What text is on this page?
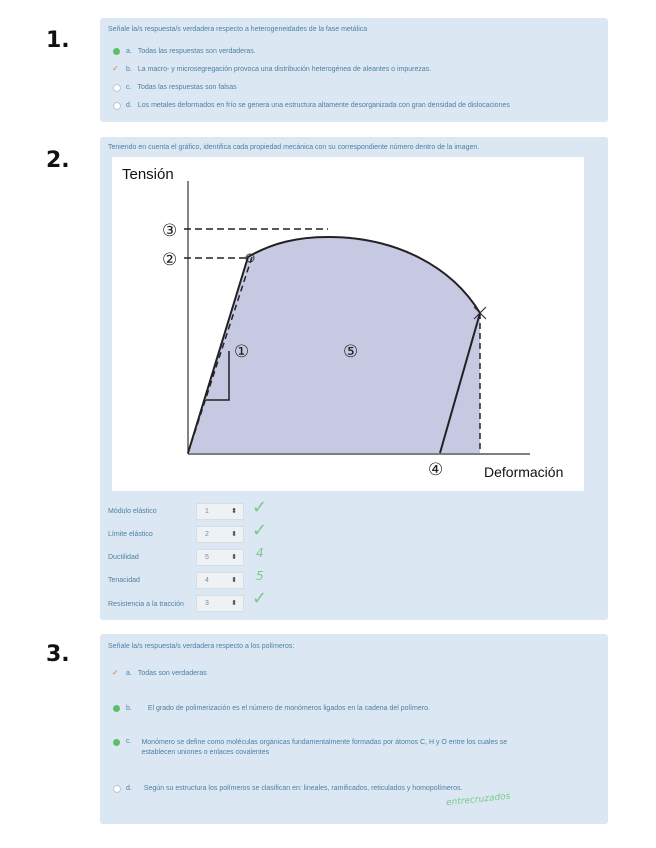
1.	Señale la/s respuesta/s verdadera respecto a heterogeneidades de la fase metálica
a. Todas las respuestas son verdaderas.
✓	b. La macro- y microsegregación provoca una distribución heterogénea de aleantes o impurezas.
c. Todas las respuestas son falsas
d. Los metales deformados en frío se genera una estructura altamente desorganizada con gran densidad de dislocaciones
2.
Teniendo en cuenta el gráfico, identifica cada propiedad mecánica con su correspondiente número dentro de la imagen.
Tensión
Deformación
③
②
①	⑤
④
Módulo elástico	1	⬍ ✓
Límite elástico	2	⬍ ✓
Ductilidad	5	⬍ 4
Tenacidad	4	⬍ 5
Resistencia a la tracción	3	⬍ ✓
3.	Señale la/s respuesta/s verdadera respecto a los polímeros:
✓	a. Todas son verdaderas
b. El grado de polimerización es el número de monómeros ligados en la cadena del polímero.
c. Monómero se define como moléculas orgánicas fundamentalmente formadas por átomos C, H y O entre los cuales se establecen uniones o enlaces covalentes
d. Según su estructura los polímeros se clasifican en: lineales, ramificados, reticulados y homopolímeros.
entrecruzados
